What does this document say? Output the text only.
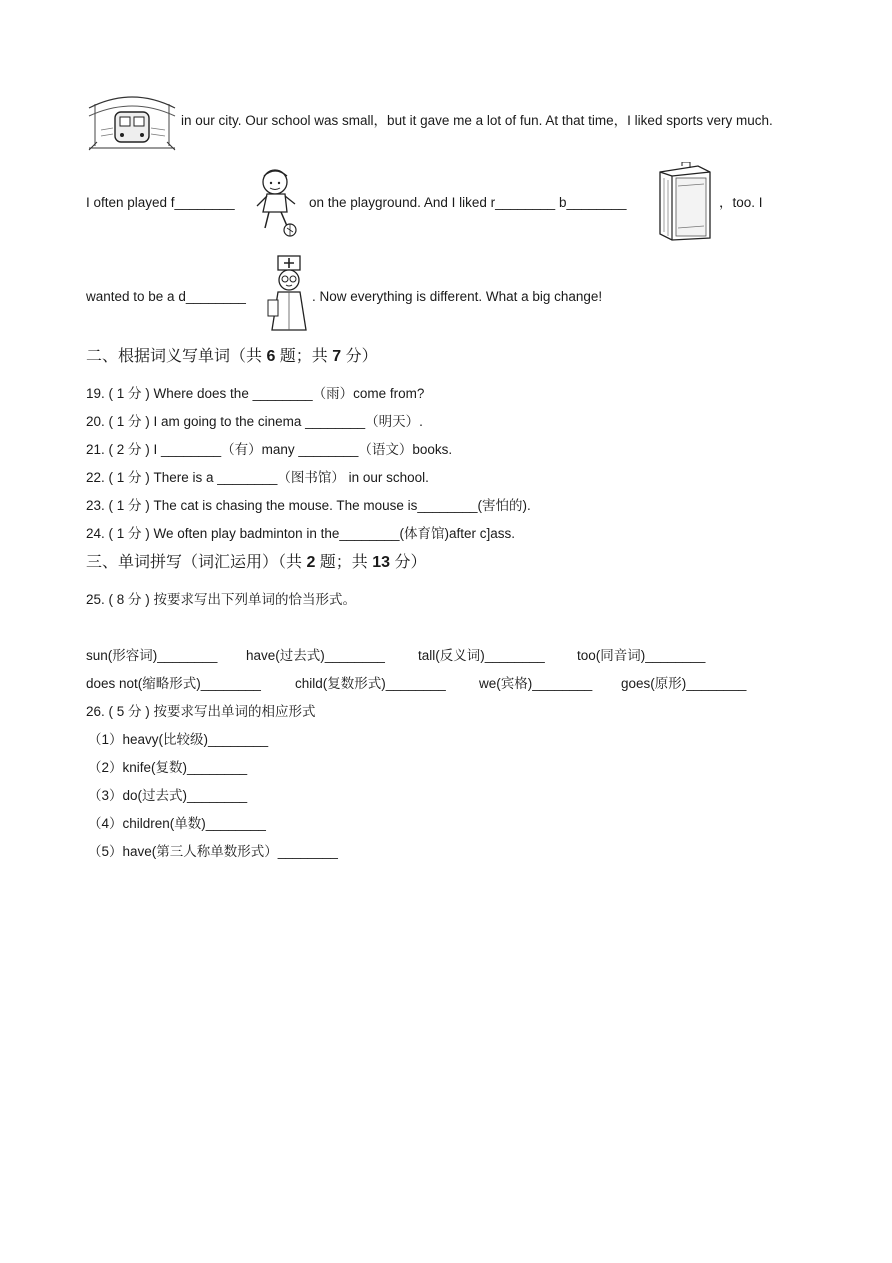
in our city. Our school was small，but it gave me a lot of fun. At that time，I liked sports very much.
I often played f________	on the playground. And I liked r________ b________	，too. I
wanted to be a d________	. Now everything is different. What a big change!
二、根据词义写单词（共 6 题；共 7 分）
19. ( 1 分 ) Where does the ________（雨）come from?
20. ( 1 分 ) I am going to the cinema ________（明天）.
21. ( 2 分 ) I ________（有）many ________（语文）books.
22. ( 1 分 ) There is a ________（图书馆） in our school.
23. ( 1 分 ) The cat is chasing the mouse. The mouse is________(害怕的).
24. ( 1 分 ) We often play badminton in the________(体育馆)after c]ass.
三、单词拼写（词汇运用）（共 2 题；共 13 分）
25. ( 8 分 ) 按要求写出下列单词的恰当形式。
sun(形容词)________ have(过去式)________ tall(反义词)________ too(同音词)________
does not(缩略形式)________	child(复数形式)________ we(宾格)________ goes(原形)________
26. ( 5 分 ) 按要求写出单词的相应形式
（1）heavy(比较级)________
（2）knife(复数)________
（3）do(过去式)________
（4）children(单数)________
（5）have(第三人称单数形式）________
